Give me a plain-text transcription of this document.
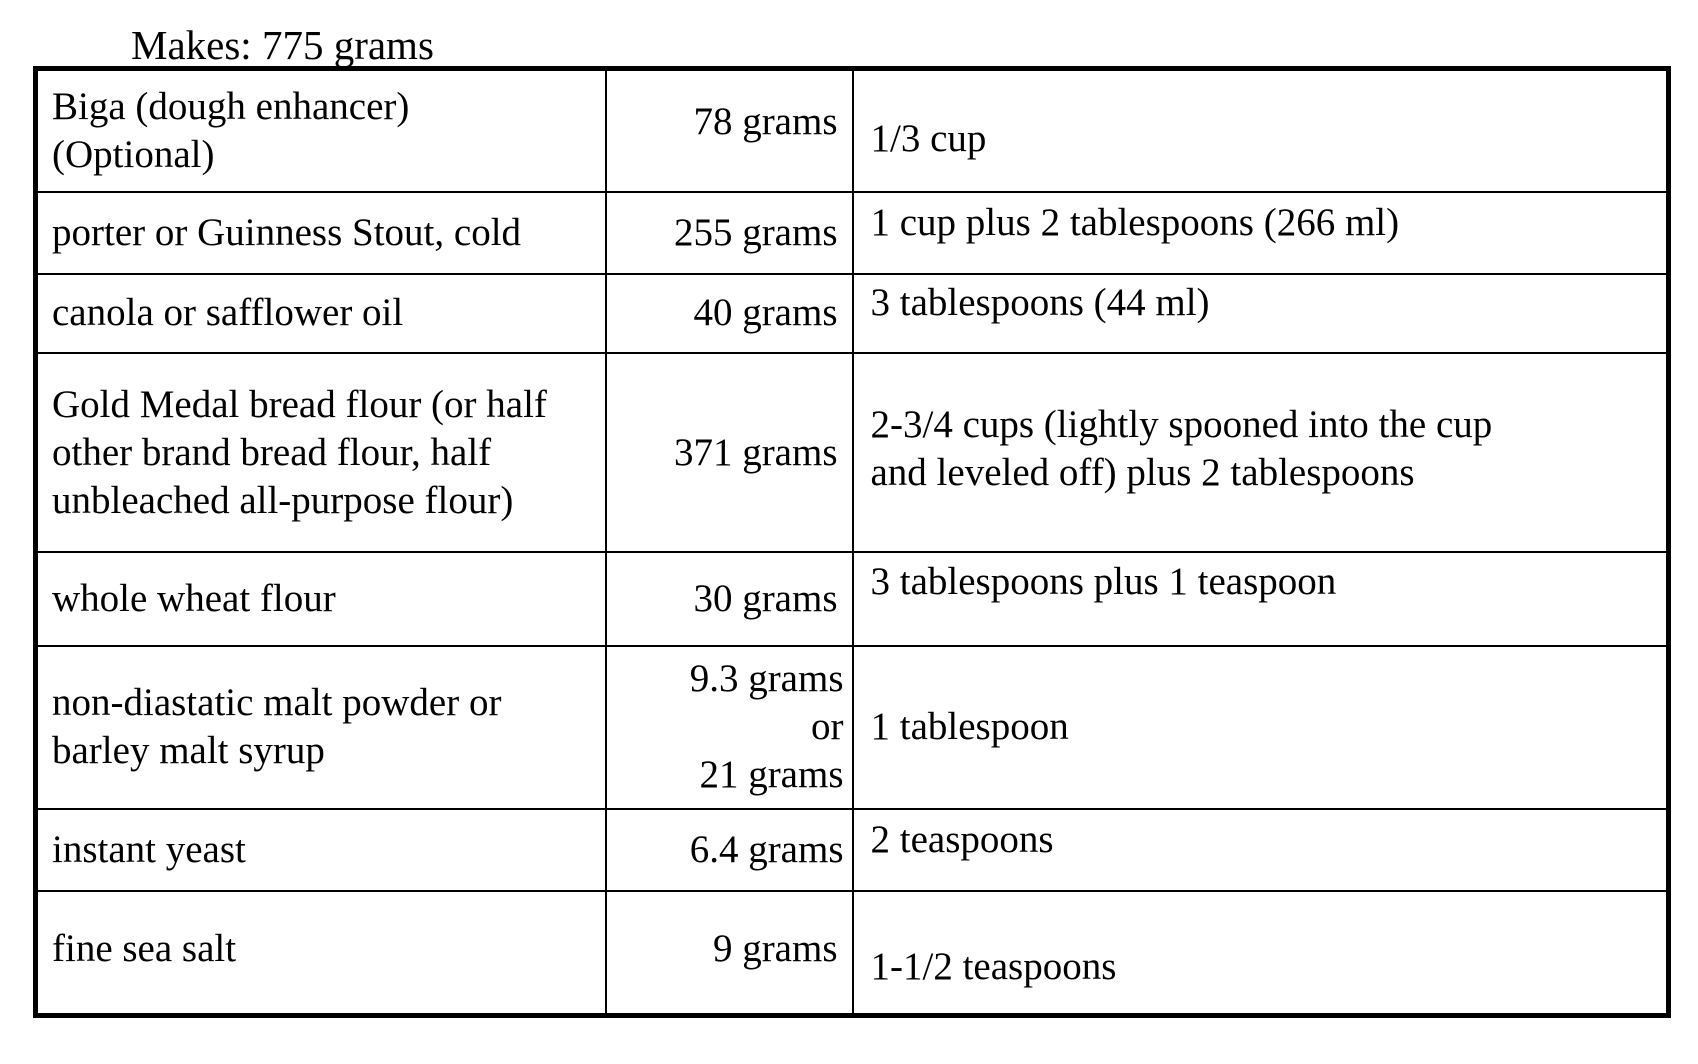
Makes: 775 grams
Biga (dough enhancer)
(Optional)	78 grams	1/3 cup
porter or Guinness Stout, cold	255 grams	1 cup plus 2 tablespoons (266 ml)
canola or safflower oil	40 grams	3 tablespoons (44 ml)
Gold Medal bread flour (or half
other brand bread flour, half
unbleached all-purpose flour)	371 grams	2-3/4 cups (lightly spooned into the cup
and leveled off) plus 2 tablespoons
whole wheat flour	30 grams	3 tablespoons plus 1 teaspoon
non-diastatic malt powder or
barley malt syrup	9.3 grams
or
21 grams	1 tablespoon
instant yeast	6.4 grams	2 teaspoons
fine sea salt	9 grams	1-1/2 teaspoons
